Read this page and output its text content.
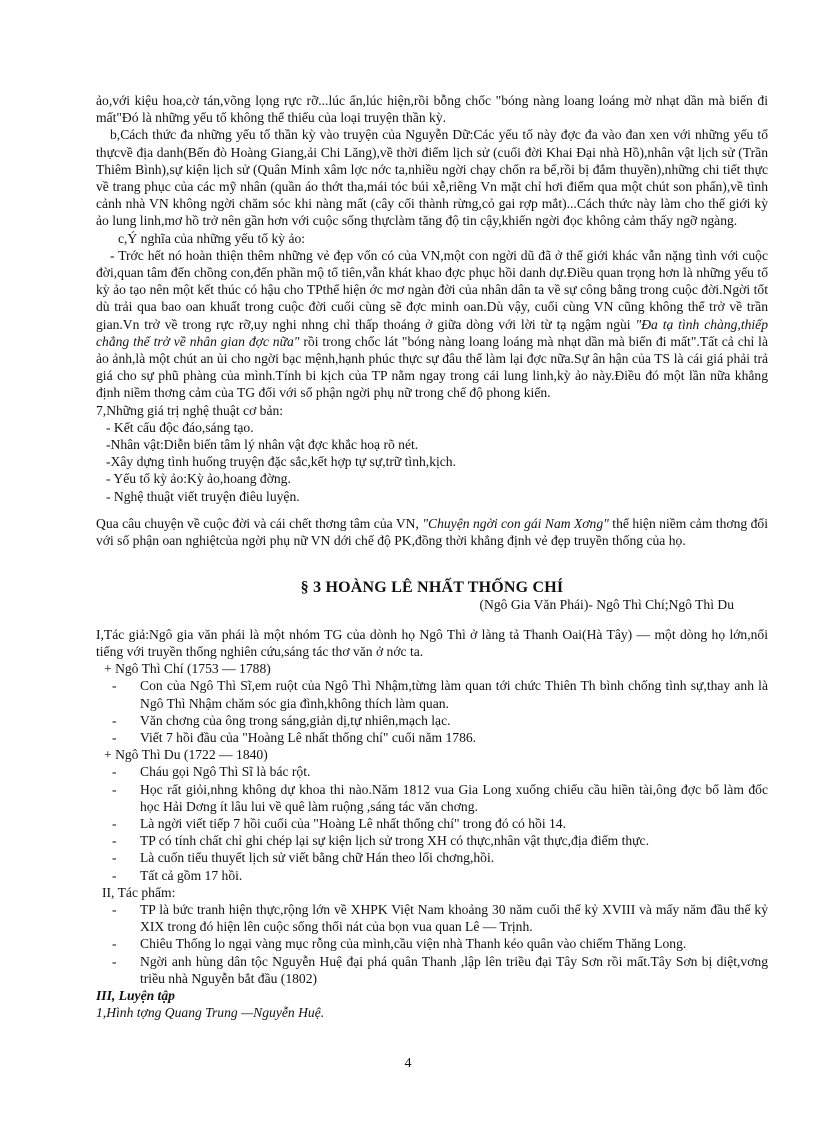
ảo,với kiệu hoa,cờ tán,võng lọng rực rỡ...lúc ẩn,lúc hiện,rồi bỗng chốc "bóng nàng loang loáng mờ nhạt dần mà biến đi mất"Đó là những yếu tố không thể thiếu của loại truyện thần kỳ.

b,Cách thức đa những yếu tố thần kỳ vào truyện của Nguyễn Dữ:Các yếu tố này đợc đa vào đan xen với những yếu tố thựcvề địa danh(Bến đò Hoàng Giang,ải Chi Lăng),về thời điểm lịch sử (cuối đời Khai Đại nhà Hồ),nhân vật lịch sử (Trần Thiêm Bình),sự kiện lịch sử (Quân Minh xâm lợc nớc ta,nhiều ngời chạy chốn ra bể,rồi bị đắm thuyền),những chi tiết thực về trang phục của các mỹ nhân (quần áo thớt tha,mái tóc búi xễ,riêng Vn mặt chỉ hơi điểm qua một chút son phấn),về tình cảnh nhà VN không ngời chăm sóc khi nàng mất (cây cối thành rừng,cỏ gai rợp mắt)...Cách thức này làm cho thế giới kỳ ảo lung linh,mơ hồ trở nên gần hơn với cuộc sống thựclàm tăng độ tin cậy,khiến ngời đọc không cảm thấy ngỡ ngàng.

c,Ý nghĩa của những yếu tố kỳ ảo:

- Trớc hết nó hoàn thiện thêm những vẻ đẹp vốn có của VN,một con ngời dũ đã ở thế giới khác vẫn nặng tình với cuộc đời,quan tâm đến chồng con,đến phần mộ tổ tiên,vẫn khát khao đợc phục hồi danh dự.Điều quan trọng hơn là những yếu tố kỳ ảo tạo nên một kết thúc có hậu cho TPthể hiện ớc mơ ngàn đời của nhân dân ta về sự công bằng trong cuộc đời.Ngời tốt dù trải qua bao oan khuất trong cuộc đời cuối cùng sẽ đợc minh oan.Dù vậy, cuối cùng VN cũng không thể trở về trần gian.Vn trở về trong rực rỡ,uy nghi nhng chỉ thấp thoáng ở giữa dòng với lời từ tạ ngậm ngùi "Đa tạ tình chàng,thiếp chẳng thể trở về nhân gian đợc nữa" rồi trong chốc lát "bóng nàng loang loáng mà nhạt dần mà biến đi mất".Tất cả chỉ là ảo ảnh,là một chút an ủi cho ngời bạc mệnh,hạnh phúc thực sự đâu thể làm lại đợc nữa.Sự ân hận của TS là cái giá phải trả giá cho sự phũ phàng của mình.Tính bi kịch của TP nằm ngay trong cái lung linh,kỳ ảo này.Điều đó một lần nữa khẳng định niềm thơng cảm của TG đối với số phận ngời phụ nữ trong chế độ phong kiến.

7,Những giá trị nghệ thuật cơ bản:

- Kết cấu độc đáo,sáng tạo.

-Nhân vật:Diễn biến tâm lý nhân vật đợc khắc hoạ rõ nét.

-Xây dựng tình huống truyện đặc sắc,kết hợp tự sự,trữ tình,kịch.

- Yếu tố kỳ ảo:Kỳ ảo,hoang đờng.

- Nghệ thuật viết truyện điêu luyện.

Qua câu chuyện về cuộc đời và cái chết thơng tâm của VN, "Chuyện ngời con gái Nam Xơng" thể hiện niềm cảm thơng đối với số phận oan nghiệtcủa ngời phụ nữ VN dới chế độ PK,đồng thời khẳng định vẻ đẹp truyền thống của họ.

§ 3 HOÀNG LÊ NHẤT THỐNG CHÍ
(Ngô Gia Văn Phái)- Ngô Thì Chí;Ngô Thì Du

I,Tác giả:Ngô gia văn phái là một nhóm TG của dònh họ Ngô Thì ở làng tả Thanh Oai(Hà Tây) — một dòng họ lớn,nổi tiếng với truyền thống nghiên cứu,sáng tác thơ văn ở nớc ta.

+ Ngô Thì Chí (1753 — 1788)

- Con của Ngô Thì Sĩ,em ruột của Ngô Thì Nhậm,từng làm quan tới chức Thiên Th bình chống tình sự,thay anh là Ngô Thì Nhậm chăm sóc gia đình,không thích làm quan.
- Văn chơng của ông trong sáng,giản dị,tự nhiên,mạch lạc.
- Viết 7 hồi đầu của "Hoàng Lê nhất thống chí" cuối năm 1786.

+ Ngô Thì Du (1722 — 1840)

- Cháu gọi Ngô Thì Sĩ là bác rột.
- Học rất giỏi,nhng không dự khoa thi nào.Năm 1812 vua Gia Long xuống chiếu cầu hiền tài,ông đợc bổ làm đốc học Hải Dơng ít lâu lui về quê làm ruộng ,sáng tác văn chơng.
- Là ngời viết tiếp 7 hồi cuối của "Hoàng Lê nhất thống chí" trong đó có hồi 14.
- TP có tính chất chỉ ghi chép lại sự kiện lịch sử trong XH có thực,nhân vật thực,địa điểm thực.
- Là cuốn tiểu thuyết lịch sử viết bằng chữ Hán theo lối chơng,hồi.
- Tất cả gồm 17 hồi.

II, Tác phẩm:

- TP là bức tranh hiện thực,rộng lớn về XHPK Việt Nam khoảng 30 năm cuối thế kỷ XVIII và mấy năm đầu thế kỷ XIX trong đó hiện lên cuộc sống thối nát của bọn vua quan Lê — Trịnh.
- Chiêu Thống lo ngại vàng mục rỗng của mình,cầu viện nhà Thanh kéo quân vào chiếm Thăng Long.
- Ngời anh hùng dân tộc Nguyễn Huệ đại phá quân Thanh ,lập lên triều đại Tây Sơn rồi mất.Tây Sơn bị diệt,vơng triều nhà Nguyễn bắt đầu (1802)

III, Luyện tập

1,Hình tợng Quang Trung —Nguyễn Huệ.

4
